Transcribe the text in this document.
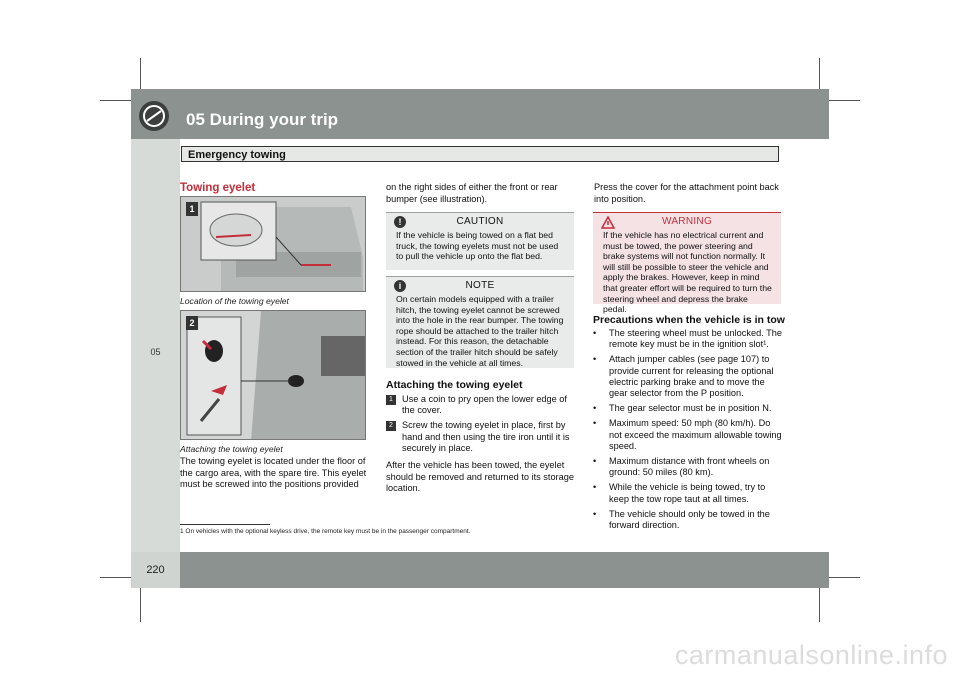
05 During your trip
Emergency towing
05
Towing eyelet
1
Location of the towing eyelet
2
Attaching the towing eyelet
The towing eyelet is located under the floor of the cargo area, with the spare tire. This eyelet must be screwed into the positions provided
on the right sides of either the front or rear bumper (see illustration).
!	CAUTION
If the vehicle is being towed on a flat bed truck, the towing eyelets must not be used to pull the vehicle up onto the flat bed.
i	NOTE
On certain models equipped with a trailer hitch, the towing eyelet cannot be screwed into the hole in the rear bumper. The towing rope should be attached to the trailer hitch instead. For this reason, the detachable section of the trailer hitch should be safely stowed in the vehicle at all times.
Attaching the towing eyelet
1 Use a coin to pry open the lower edge of the cover.
2 Screw the towing eyelet in place, first by hand and then using the tire iron until it is securely in place.
After the vehicle has been towed, the eyelet should be removed and returned to its storage location.
Press the cover for the attachment point back into position.
WARNING
If the vehicle has no electrical current and must be towed, the power steering and brake systems will not function normally. It will still be possible to steer the vehicle and apply the brakes. However, keep in mind that greater effort will be required to turn the steering wheel and depress the brake pedal.
Precautions when the vehicle is in tow
• The steering wheel must be unlocked. The remote key must be in the ignition slot¹.
• Attach jumper cables (see page 107) to provide current for releasing the optional electric parking brake and to move the gear selector from the P position.
• The gear selector must be in position N.
• Maximum speed: 50 mph (80 km/h). Do not exceed the maximum allowable towing speed.
• Maximum distance with front wheels on ground: 50 miles (80 km).
• While the vehicle is being towed, try to keep the tow rope taut at all times.
• The vehicle should only be towed in the forward direction.
1 On vehicles with the optional keyless drive, the remote key must be in the passenger compartment.
220
carmanualsonline.info
